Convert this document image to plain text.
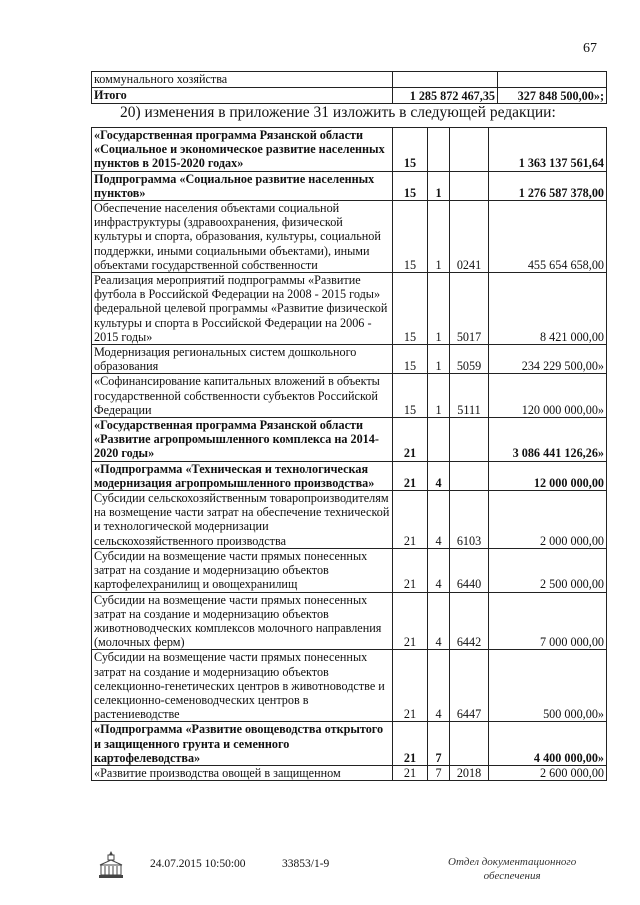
67
коммунального хозяйства		
Итого	1 285 872 467,35	327 848 500,00»;
20) изменения в приложение 31 изложить в следующей редакции:
«Государственная программа Рязанской области «Социальное и экономическое развитие населенных пунктов в 2015-2020 годах»	15			1 363 137 561,64
Подпрограмма «Социальное развитие населенных пунктов»	15	1		1 276 587 378,00
Обеспечение населения объектами социальной инфраструктуры (здравоохранения, физической культуры и спорта, образования, культуры, социальной поддержки, иными социальными объектами), иными объектами государственной собственности	15	1	0241	455 654 658,00
Реализация мероприятий подпрограммы «Развитие футбола в Российской Федерации на 2008 - 2015 годы» федеральной целевой программы «Развитие физической культуры и спорта в Российской Федерации на 2006 - 2015 годы»	15	1	5017	8 421 000,00
Модернизация региональных систем дошкольного образования	15	1	5059	234 229 500,00»
«Софинансирование капитальных вложений в объекты государственной собственности субъектов Российской Федерации	15	1	5111	120 000 000,00»
«Государственная программа Рязанской области «Развитие агропромышленного комплекса на 2014-2020 годы»	21			3 086 441 126,26»
«Подпрограмма «Техническая и технологическая модернизация агропромышленного производства»	21	4		12 000 000,00
Субсидии сельскохозяйственным товаропроизводителям на возмещение части затрат на обеспечение технической и технологической модернизации сельскохозяйственного производства	21	4	6103	2 000 000,00
Субсидии на возмещение части прямых понесенных затрат на создание и модернизацию объектов картофелехранилищ и овощехранилищ	21	4	6440	2 500 000,00
Субсидии на возмещение части прямых понесенных затрат на создание и модернизацию объектов животноводческих комплексов молочного направления (молочных ферм)	21	4	6442	7 000 000,00
Субсидии на возмещение части прямых понесенных затрат на создание и модернизацию объектов селекционно-генетических центров в животноводстве и селекционно-семеноводческих центров в растениеводстве	21	4	6447	500 000,00»
«Подпрограмма «Развитие овощеводства открытого и защищенного грунта и семенного картофелеводства»	21	7		4 400 000,00»
«Развитие производства овощей в защищенном	21	7	2018	2 600 000,00
24.07.2015 10:50:00	33853/1-9	Отдел документационного
обеспечения
